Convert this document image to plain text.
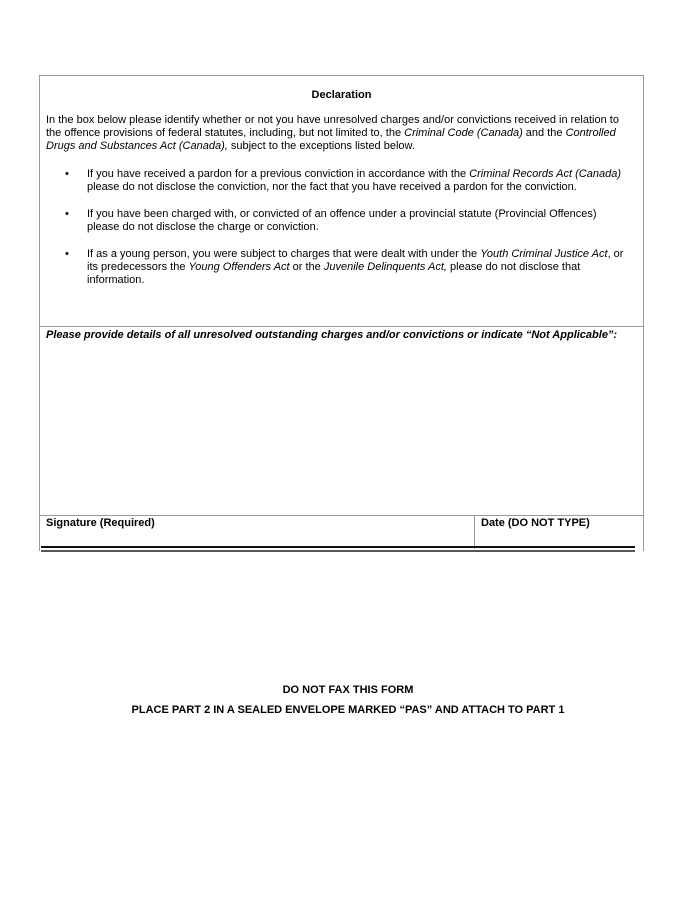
Declaration
In the box below please identify whether or not you have unresolved charges and/or convictions received in relation to the offence provisions of federal statutes, including, but not limited to, the Criminal Code (Canada) and the Controlled Drugs and Substances Act (Canada), subject to the exceptions listed below.
• If you have received a pardon for a previous conviction in accordance with the Criminal Records Act (Canada) please do not disclose the conviction, nor the fact that you have received a pardon for the conviction.
• If you have been charged with, or convicted of an offence under a provincial statute (Provincial Offences) please do not disclose the charge or conviction.
• If as a young person, you were subject to charges that were dealt with under the Youth Criminal Justice Act, or its predecessors the Young Offenders Act or the Juvenile Delinquents Act, please do not disclose that information.
Please provide details of all unresolved outstanding charges and/or convictions or indicate “Not Applicable”:
Signature (Required)	Date (DO NOT TYPE)
DO NOT FAX THIS FORM
PLACE PART 2 IN A SEALED ENVELOPE MARKED “PAS” AND ATTACH TO PART 1
